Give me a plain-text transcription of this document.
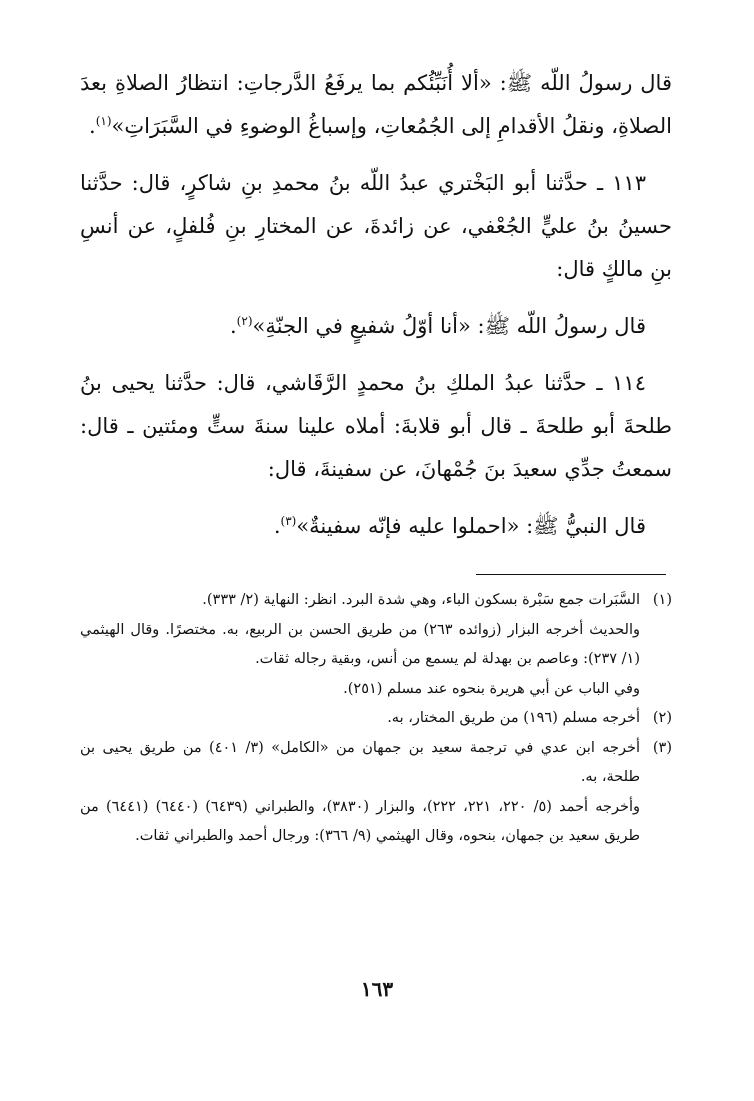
قال رسولُ اللّه ﷺ: «ألا أُنَبِّئُكم بما يرفَعُ الدَّرجاتِ: انتظارُ الصلاةِ بعدَ الصلاةِ، ونقلُ الأقدامِ إلى الجُمُعاتِ، وإسباغُ الوضوءِ في السَّبَرَاتِ»$^{(١)}$.

١١٣ ـ حدَّثنا أبو البَخْتري عبدُ اللّه بنُ محمدِ بنِ شاكرٍ، قال: حدَّثنا حسينُ بنُ عليٍّ الجُعْفي، عن زائدةَ، عن المختارِ بنِ فُلفلٍ، عن أنسِ بنِ مالكٍ قال:

قال رسولُ اللّه ﷺ: «أنا أوّلُ شفيعٍ في الجنّةِ»$^{(٢)}$.

١١٤ ـ حدَّثنا عبدُ الملكِ بنُ محمدٍ الرَّقَاشي، قال: حدَّثنا يحيى بنُ طلحةَ أبو طلحةَ ـ قال أبو قلابةَ: أملاه علينا سنةَ ستٍّ ومئتين ـ قال: سمعتُ جدِّي سعيدَ بنَ جُمْهانَ، عن سفينةَ، قال:

قال النبيُّ ﷺ: «احملوا عليه فإنّه سفينةٌ»$^{(٣)}$.

(١)

السَّبَرات جمع سَبْرة بسكون الباء، وهي شدة البرد. انظر: النهاية (٢/ ٣٣٣).

والحديث أخرجه البزار (زوائده ٢٦٣) من طريق الحسن بن الربيع، به. مختصرًا. وقال الهيثمي (١/ ٢٣٧): وعاصم بن بهدلة لم يسمع من أنس، وبقية رجاله ثقات.

وفي الباب عن أبي هريرة بنحوه عند مسلم (٢٥١).

(٢)

أخرجه مسلم (١٩٦) من طريق المختار، به.

(٣)

أخرجه ابن عدي في ترجمة سعيد بن جمهان من «الكامل» (٣/ ٤٠١) من طريق يحيى بن طلحة، به.

وأخرجه أحمد (٥/ ٢٢٠، ٢٢١، ٢٢٢)، والبزار (٣٨٣٠)، والطبراني (٦٤٣٩) (٦٤٤٠) (٦٤٤١) من طريق سعيد بن جمهان، بنحوه، وقال الهيثمي (٩/ ٣٦٦): ورجال أحمد والطبراني ثقات.

١٦٣
